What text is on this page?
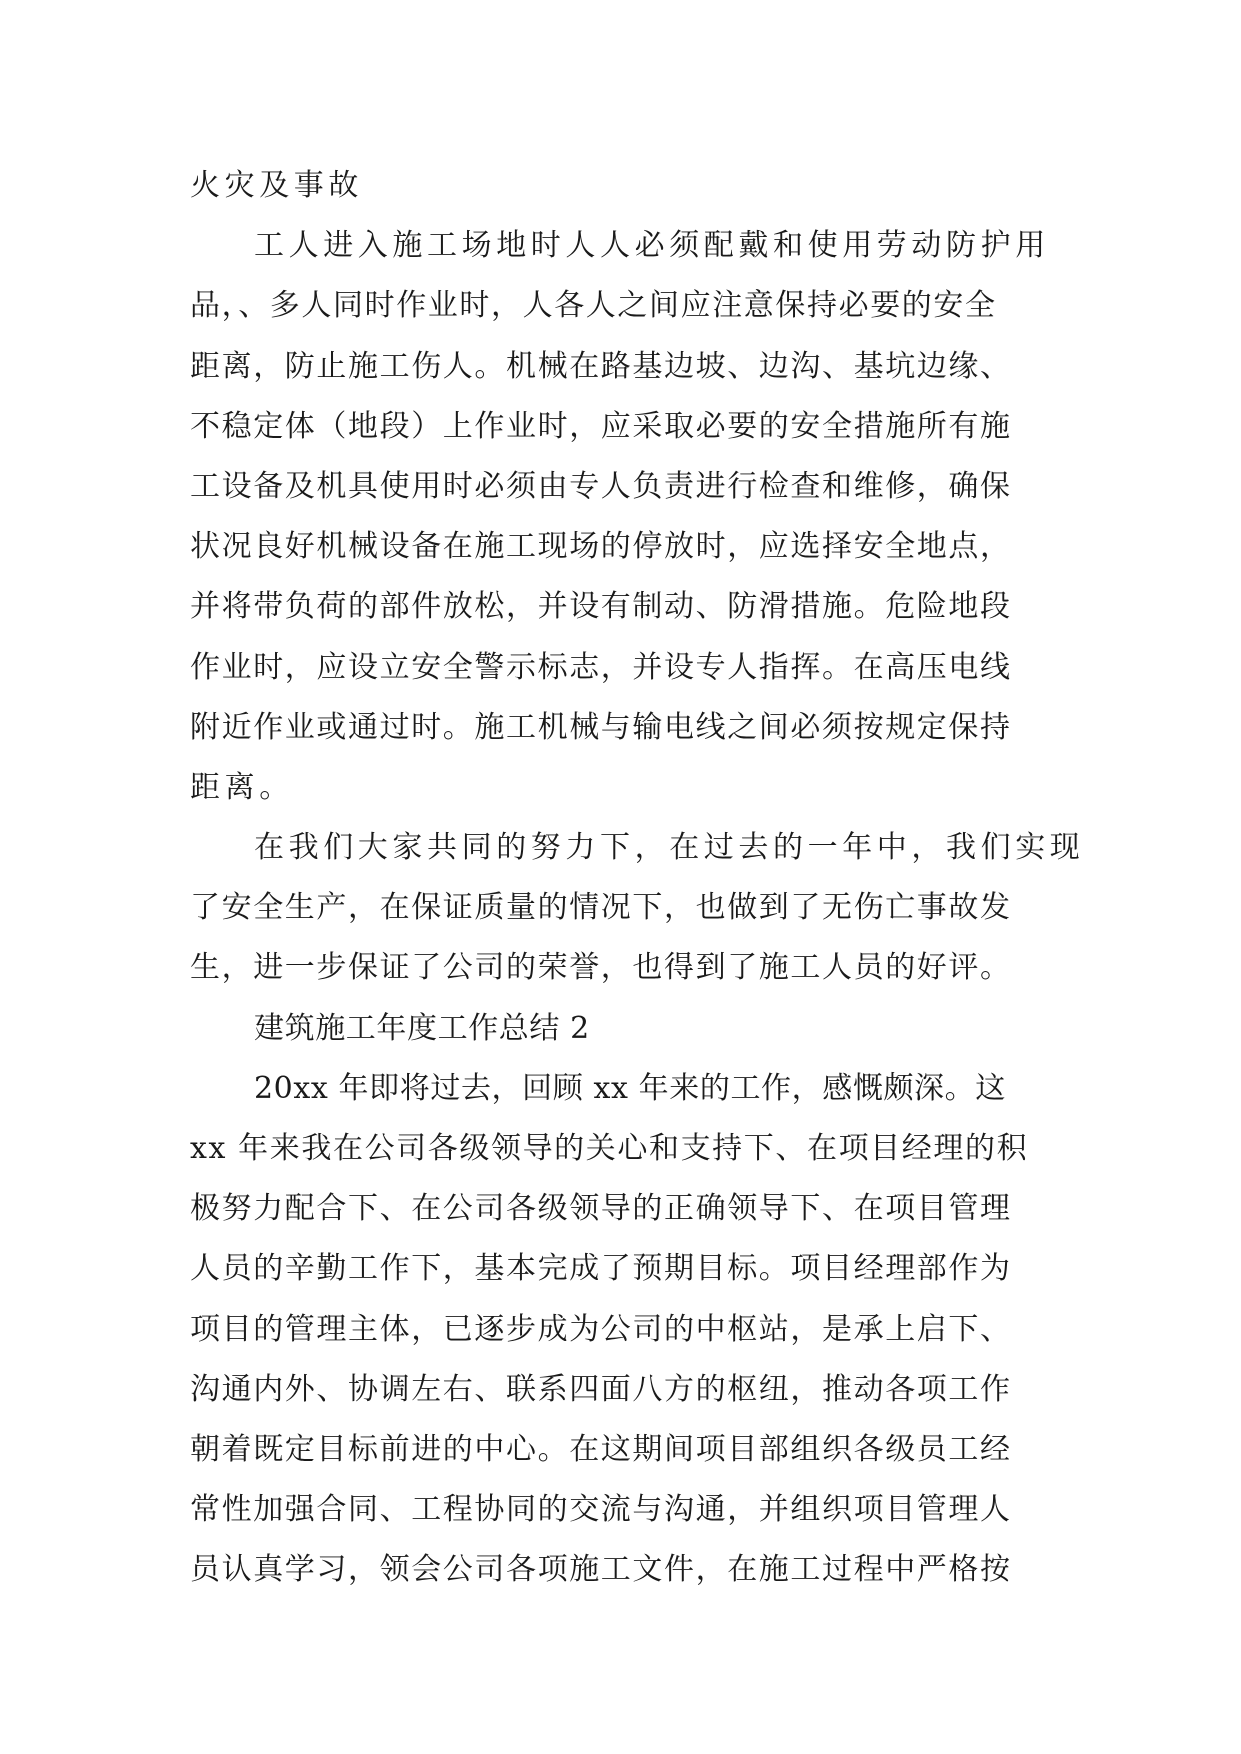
火灾及事故
工人进入施工场地时人人必须配戴和使用劳动防护用
品，、多人同时作业时，人各人之间应注意保持必要的安全
距离，防止施工伤人。机械在路基边坡、边沟、基坑边缘、
不稳定体（地段）上作业时，应采取必要的安全措施所有施
工设备及机具使用时必须由专人负责进行检查和维修，确保
状况良好机械设备在施工现场的停放时，应选择安全地点，
并将带负荷的部件放松，并设有制动、防滑措施。危险地段
作业时，应设立安全警示标志，并设专人指挥。在高压电线
附近作业或通过时。施工机械与输电线之间必须按规定保持
距离。
在我们大家共同的努力下，在过去的一年中，我们实现
了安全生产，在保证质量的情况下，也做到了无伤亡事故发
生，进一步保证了公司的荣誉，也得到了施工人员的好评。
建筑施工年度工作总结 2
20xx 年即将过去，回顾 xx 年来的工作，感慨颇深。这
xx 年来我在公司各级领导的关心和支持下、在项目经理的积
极努力配合下、在公司各级领导的正确领导下、在项目管理
人员的辛勤工作下，基本完成了预期目标。项目经理部作为
项目的管理主体，已逐步成为公司的中枢站，是承上启下、
沟通内外、协调左右、联系四面八方的枢纽，推动各项工作
朝着既定目标前进的中心。在这期间项目部组织各级员工经
常性加强合同、工程协同的交流与沟通，并组织项目管理人
员认真学习，领会公司各项施工文件，在施工过程中严格按
